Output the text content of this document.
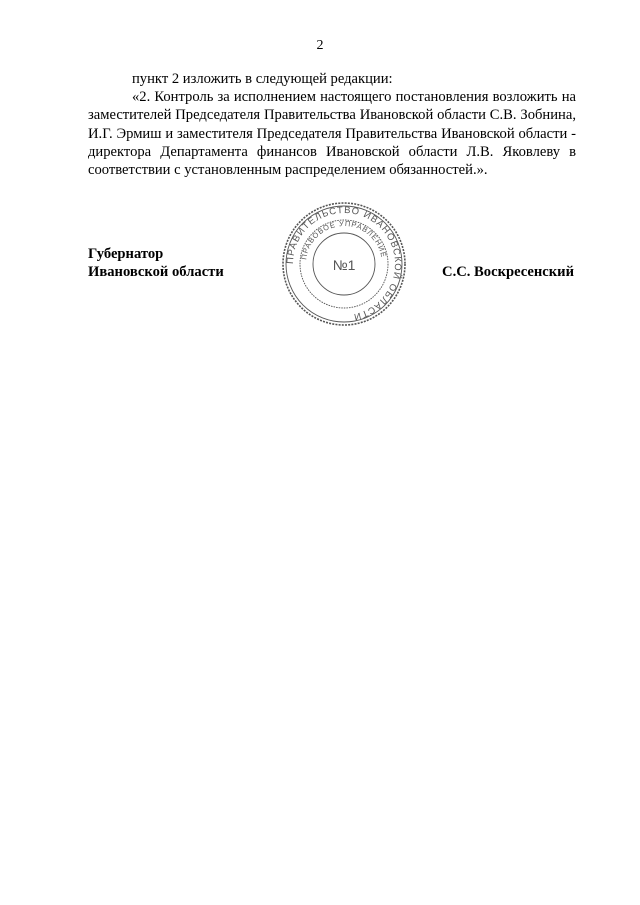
2

пункт 2 изложить в следующей редакции:

«2. Контроль за исполнением настоящего постановления возложить на заместителей Председателя Правительства Ивановской области С.В. Зобнина, И.Г. Эрмиш и заместителя Председателя Правительства Ивановской области - директора Департамента финансов Ивановской области Л.В. Яковлеву в соответствии с установленным распределением обязанностей.».

Губернатор
Ивановской области	С.С. Воскресенский
ПРАВИТЕЛЬСТВО ИВАНОВСКОЙ ОБЛАСТИ
ПРАВОВОЕ УПРАВЛЕНИЕ
№1
